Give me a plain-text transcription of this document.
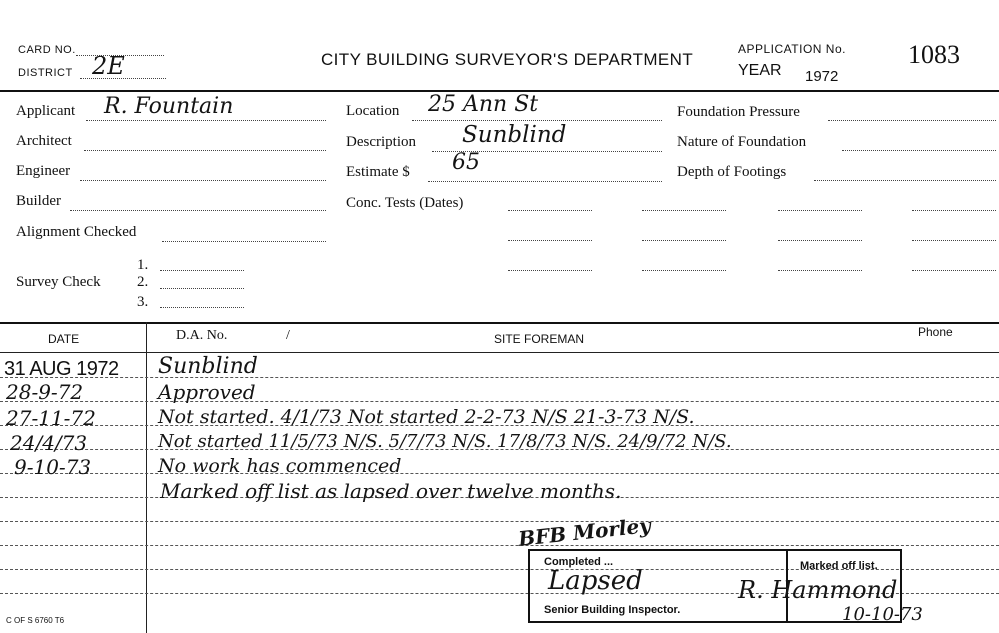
CARD NO.
DISTRICT 2E	CITY BUILDING SURVEYOR'S DEPARTMENT
APPLICATION No. 1083
YEAR 1972
Applicant R. Fountain
Architect
Engineer
Builder
Alignment Checked
Survey Check
1.
2.
3.
Location 25 Ann St
Description Sunblind
Estimate $ 65
Conc. Tests (Dates)
Foundation Pressure
Nature of Foundation
Depth of Footings
DATE	D.A. No.	/	SITE FOREMAN	Phone
31 AUG 1972 Sunblind
28-9-72	Approved
27-11-72	Not started. 4/1/73 Not started 2-2-73 N/S 21-3-73 N/S.
24/4/73	Not started 11/5/73 N/S. 5/7/73 N/S. 17/8/73 N/S. 24/9/72 N/S.
9-10-73	No work has commenced
Marked off list as lapsed over twelve months.
BFB Morley
Completed ...
Lapsed
Senior Building Inspector.
Marked off list.
R. Hammond
10-10-73
C OF S 6760 T6
